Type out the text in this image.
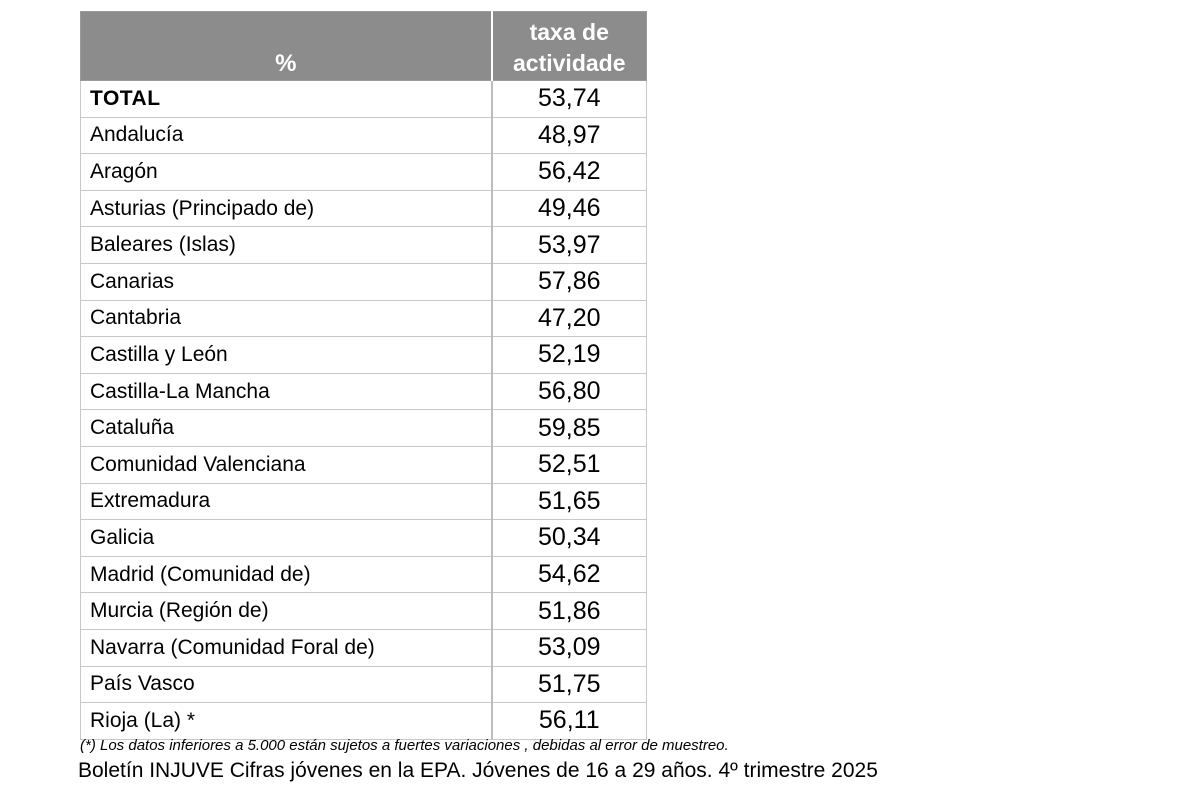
%	taxa de
actividade
TOTAL	53,74
Andalucía	48,97
Aragón	56,42
Asturias (Principado de)	49,46
Baleares (Islas)	53,97
Canarias	57,86
Cantabria	47,20
Castilla y León	52,19
Castilla-La Mancha	56,80
Cataluña	59,85
Comunidad Valenciana	52,51
Extremadura	51,65
Galicia	50,34
Madrid (Comunidad de)	54,62
Murcia (Región de)	51,86
Navarra (Comunidad Foral de)	53,09
País Vasco	51,75
Rioja (La) *	56,11
(*) Los datos inferiores a 5.000 están sujetos a fuertes variaciones , debidas al error de muestreo.
Boletín INJUVE Cifras jóvenes en la EPA. Jóvenes de 16 a 29 años. 4º trimestre 2025
